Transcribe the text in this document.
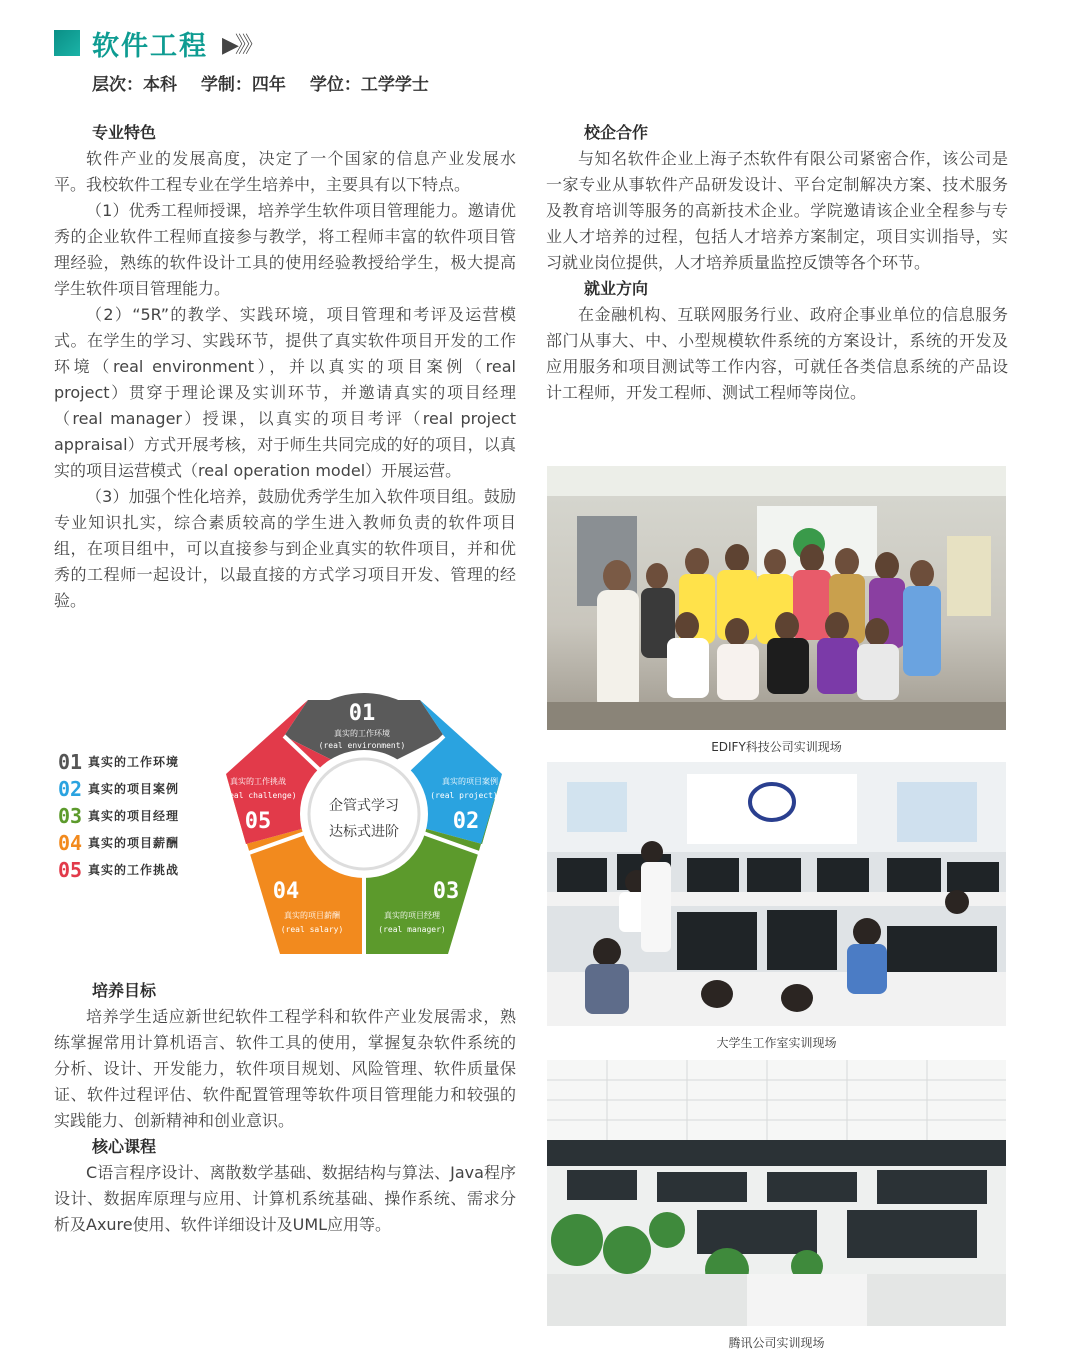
软件工程 ▶》》
层次：本科 学制：四年 学位：工学学士
专业特色

软件产业的发展高度，决定了一个国家的信息产业发展水平。我校软件工程专业在学生培养中，主要具有以下特点。

（1）优秀工程师授课，培养学生软件项目管理能力。邀请优秀的企业软件工程师直接参与教学，将工程师丰富的软件项目管理经验，熟练的软件设计工具的使用经验教授给学生，极大提高学生软件项目管理能力。

（2）“5R”的教学、实践环境，项目管理和考评及运营模式。在学生的学习、实践环节，提供了真实软件项目开发的工作环境（real environment），并以真实的项目案例（real project）贯穿于理论课及实训环节，并邀请真实的项目经理（real manager）授课，以真实的项目考评（real project appraisal）方式开展考核，对于师生共同完成的好的项目，以真实的项目运营模式（real operation model）开展运营。

（3）加强个性化培养，鼓励优秀学生加入软件项目组。鼓励专业知识扎实，综合素质较高的学生进入教师负责的软件项目组，在项目组中，可以直接参与到企业真实的软件项目，并和优秀的工程师一起设计，以最直接的方式学习项目开发、管理的经验。

校企合作

与知名软件企业上海子杰软件有限公司紧密合作，该公司是一家专业从事软件产品研发设计、平台定制解决方案、技术服务及教育培训等服务的高新技术企业。学院邀请该企业全程参与专业人才培养的过程，包括人才培养方案制定，项目实训指导，实习就业岗位提供，人才培养质量监控反馈等各个环节。

就业方向

在金融机构、互联网服务行业、政府企事业单位的信息服务部门从事大、中、小型规模软件系统的方案设计，系统的开发及应用服务和项目测试等工作内容，可就任各类信息系统的产品设计工程师，开发工程师、测试工程师等岗位。

01 真实的工作环境
02 真实的项目案例
03 真实的项目经理
04 真实的项目薪酬
05 真实的工作挑战
企管式学习
达标式进阶
01
真实的工作环境
(real environment)
真实的项目案例
(real project)
02
03
真实的项目经理
(real manager)
04
真实的项目薪酬
(real salary)
真实的工作挑战
(real challenge)
05
培养目标

培养学生适应新世纪软件工程学科和软件产业发展需求，熟练掌握常用计算机语言、软件工具的使用，掌握复杂软件系统的分析、设计、开发能力，软件项目规划、风险管理、软件质量保证、软件过程评估、软件配置管理等软件项目管理能力和较强的实践能力、创新精神和创业意识。

核心课程

C语言程序设计、离散数学基础、数据结构与算法、Java程序设计、数据库原理与应用、计算机系统基础、操作系统、需求分析及Axure使用、软件详细设计及UML应用等。

EDIFY科技公司实训现场
大学生工作室实训现场
腾讯公司实训现场
